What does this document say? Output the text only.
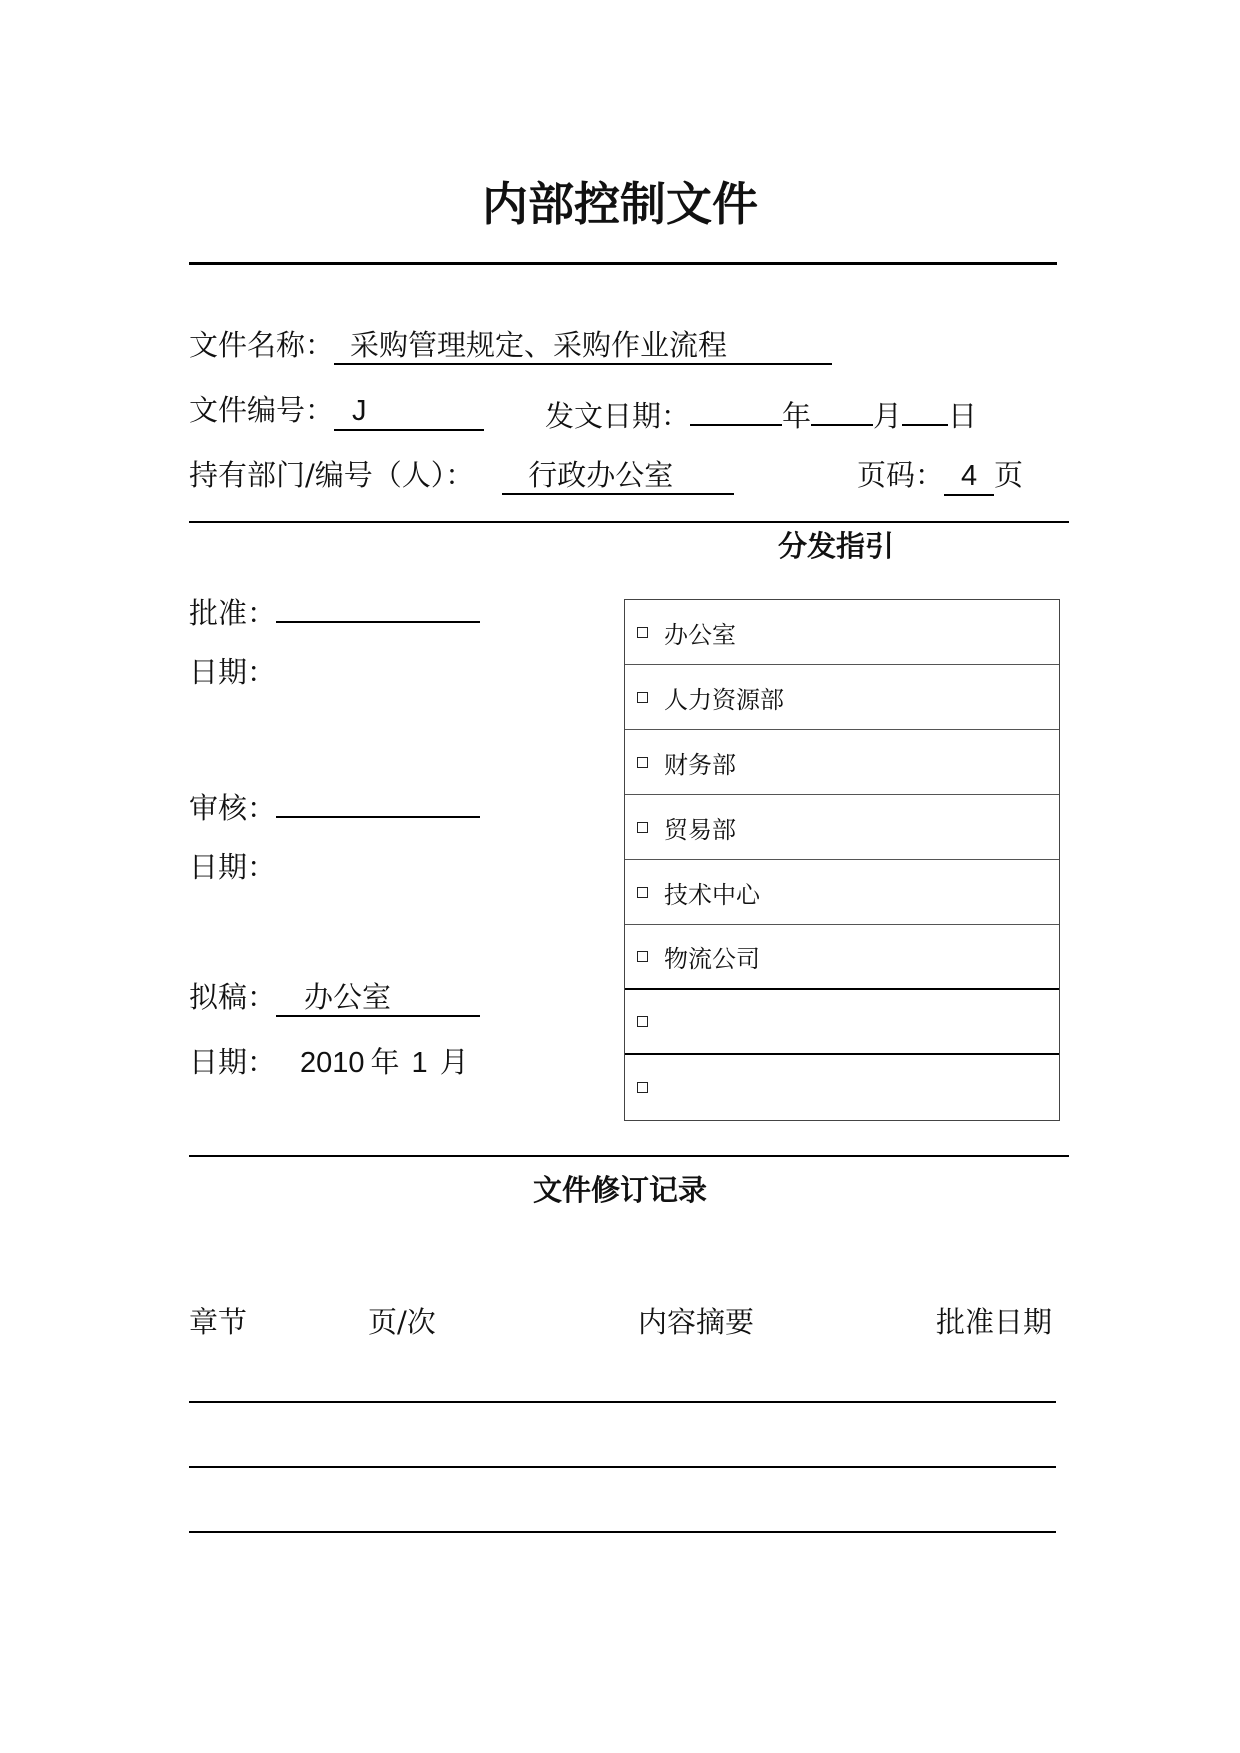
内部控制文件
文件名称： 采购管理规定、采购作业流程
文件编号： J	发文日期：	年 月 日
持有部门/编号（人）： 行政办公室	页码： 4 页
分发指引
办公室
人力资源部
财务部
贸易部
技术中心
物流公司
批准：
日期：
审核：
日期：
拟稿： 办公室
日期： 2010 年 1 月
文件修订记录
章节	页/次	内容摘要	批准日期
